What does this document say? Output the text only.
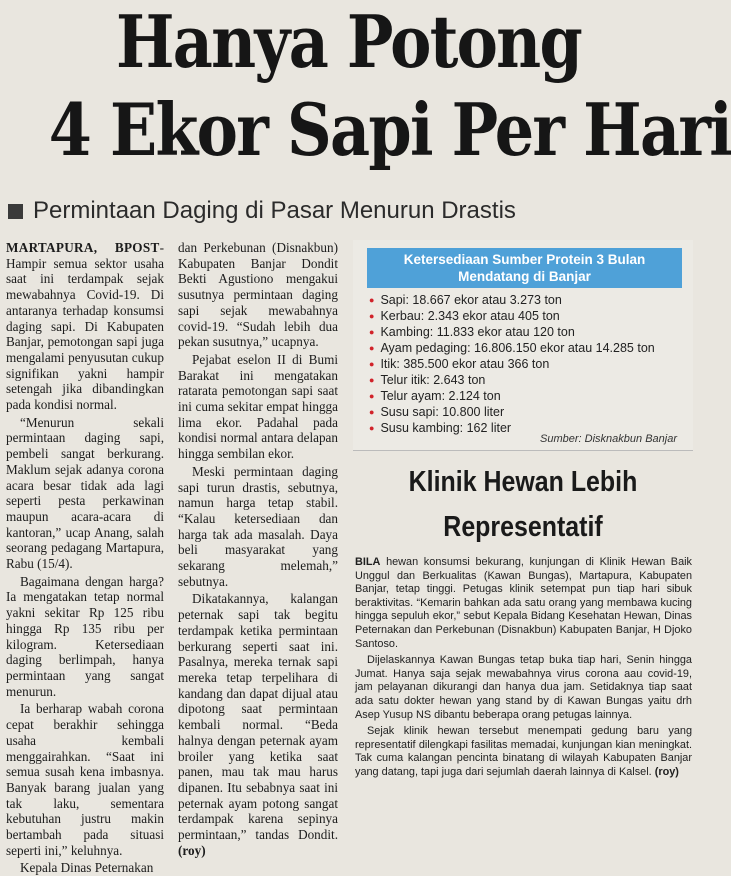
Hanya Potong
4 Ekor Sapi Per Hari
Permintaan Daging di Pasar Menurun Drastis

MARTAPURA, BPOST- Hampir semua sektor usaha saat ini terdampak sejak mewabahnya Covid-19. Di antaranya terhadap konsumsi daging sapi. Di Kabupaten Banjar, pemotongan sapi juga mengalami penyusutan cukup signifikan yakni hampir setengah jika dibandingkan pada kondisi normal.

“Menurun sekali permintaan daging sapi, pembeli sangat berkurang. Maklum sejak adanya corona acara besar tidak ada lagi seperti pesta perkawinan maupun acara-acara di kantoran,” ucap Anang, salah seorang pedagang Martapura, Rabu (15/4).

Bagaimana dengan harga? Ia mengatakan tetap normal yakni sekitar Rp 125 ribu hingga Rp 135 ribu per kilogram. Ketersediaan daging berlimpah, hanya permintaan yang sangat menurun.

Ia berharap wabah corona cepat berakhir sehingga usaha kembali menggairahkan. “Saat ini semua susah kena imbasnya. Banyak barang jualan yang tak laku, sementara kebutuhan justru makin bertambah pada situasi seperti ini,” keluhnya.

Kepala Dinas Peternakan

dan Perkebunan (Disnakbun) Kabupaten Banjar Dondit Bekti Agustiono mengakui susutnya permintaan daging sapi sejak mewabahnya covid-19. “Sudah lebih dua pekan susutnya,” ucapnya.

Pejabat eselon II di Bumi Barakat ini mengatakan ratarata pemotongan sapi saat ini cuma sekitar empat hingga lima ekor. Padahal pada kondisi normal antara delapan hingga sembilan ekor.

Meski permintaan daging sapi turun drastis, sebutnya, namun harga tetap stabil. “Kalau ketersediaan dan harga tak ada masalah. Daya beli masyarakat yang sekarang melemah,” sebutnya.

Dikatakannya, kalangan peternak sapi tak begitu terdampak ketika permintaan berkurang seperti saat ini. Pasalnya, mereka ternak sapi mereka tetap terpelihara di kandang dan dapat dijual atau dipotong saat permintaan kembali normal. “Beda halnya dengan peternak ayam broiler yang ketika saat panen, mau tak mau harus dipanen. Itu sebabnya saat ini peternak ayam potong sangat terdampak karena sepinya permintaan,” tandas Dondit. (roy)

Ketersediaan Sumber Protein 3 Bulan Mendatang di Banjar
● Sapi: 18.667 ekor atau 3.273 ton
● Kerbau: 2.343 ekor atau 405 ton
● Kambing: 11.833 ekor atau 120 ton
● Ayam pedaging: 16.806.150 ekor atau 14.285 ton
● Itik: 385.500 ekor atau 366 ton
● Telur itik: 2.643 ton
● Telur ayam: 2.124 ton
● Susu sapi: 10.800 liter
● Susu kambing: 162 liter
Sumber: Disknakbun Banjar
Klinik Hewan Lebih
Representatif

BILA hewan konsumsi bekurang, kunjungan di Klinik Hewan Baik Unggul dan Berkualitas (Kawan Bungas), Martapura, Kabupaten Banjar, tetap tinggi. Petugas klinik setempat pun tiap hari sibuk beraktivitas. “Kemarin bahkan ada satu orang yang membawa kucing hingga sepuluh ekor,” sebut Kepala Bidang Kesehatan Hewan, Dinas Peternakan dan Perkebunan (Disnakbun) Kabupaten Banjar, H Djoko Santoso.

Dijelaskannya Kawan Bungas tetap buka tiap hari, Senin hingga Jumat. Hanya saja sejak mewabahnya virus corona aau covid-19, jam pelayanan dikurangi dan hanya dua jam. Setidaknya tiap saat ada satu dokter hewan yang stand by di Kawan Bungas yaitu drh Asep Yusup NS dibantu beberapa orang petugas lainnya.

Sejak klinik hewan tersebut menempati gedung baru yang representatif dilengkapi fasilitas memadai, kunjungan kian meningkat. Tak cuma kalangan pencinta binatang di wilayah Kabupaten Banjar yang datang, tapi juga dari sejumlah daerah lainnya di Kalsel. (roy)
